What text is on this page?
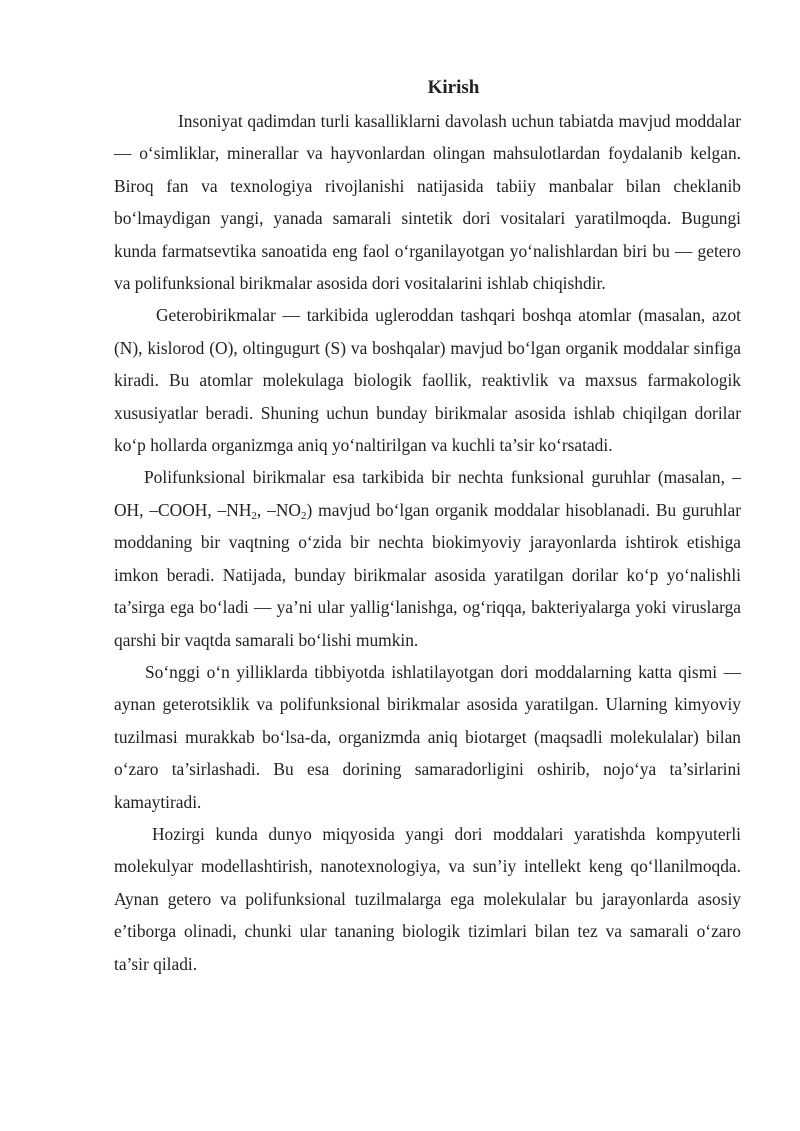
Kirish

Insoniyat qadimdan turli kasalliklarni davolash uchun tabiatda mavjud moddalar — o‘simliklar, minerallar va hayvonlardan olingan mahsulotlardan foydalanib kelgan. Biroq fan va texnologiya rivojlanishi natijasida tabiiy manbalar bilan cheklanib bo‘lmaydigan yangi, yanada samarali sintetik dori vositalari yaratilmoqda. Bugungi kunda farmatsevtika sanoatida eng faol o‘rganilayotgan yo‘nalishlardan biri bu — getero va polifunksional birikmalar asosida dori vositalarini ishlab chiqishdir.

Geterobirikmalar — tarkibida ugleroddan tashqari boshqa atomlar (masalan, azot (N), kislorod (O), oltingugurt (S) va boshqalar) mavjud bo‘lgan organik moddalar sinfiga kiradi. Bu atomlar molekulaga biologik faollik, reaktivlik va maxsus farmakologik xususiyatlar beradi. Shuning uchun bunday birikmalar asosida ishlab chiqilgan dorilar ko‘p hollarda organizmga aniq yo‘naltirilgan va kuchli ta’sir ko‘rsatadi.

Polifunksional birikmalar esa tarkibida bir nechta funksional guruhlar (masalan, –OH, –COOH, $-NH_2$, $-NO_2$) mavjud bo‘lgan organik moddalar hisoblanadi. Bu guruhlar moddaning bir vaqtning o‘zida bir nechta biokimyoviy jarayonlarda ishtirok etishiga imkon beradi. Natijada, bunday birikmalar asosida yaratilgan dorilar ko‘p yo‘nalishli ta’sirga ega bo‘ladi — ya’ni ular yallig‘lanishga, og‘riqqa, bakteriyalarga yoki viruslarga qarshi bir vaqtda samarali bo‘lishi mumkin.

So‘nggi o‘n yilliklarda tibbiyotda ishlatilayotgan dori moddalarning katta qismi — aynan geterotsiklik va polifunksional birikmalar asosida yaratilgan. Ularning kimyoviy tuzilmasi murakkab bo‘lsa-da, organizmda aniq biotarget (maqsadli molekulalar) bilan o‘zaro ta’sirlashadi. Bu esa dorining samaradorligini oshirib, nojo‘ya ta’sirlarini kamaytiradi.

Hozirgi kunda dunyo miqyosida yangi dori moddalari yaratishda kompyuterli molekulyar modellashtirish, nanotexnologiya, va sun’iy intellekt keng qo‘llanilmoqda. Aynan getero va polifunksional tuzilmalarga ega molekulalar bu jarayonlarda asosiy e’tiborga olinadi, chunki ular tananing biologik tizimlari bilan tez va samarali o‘zaro ta’sir qiladi.
